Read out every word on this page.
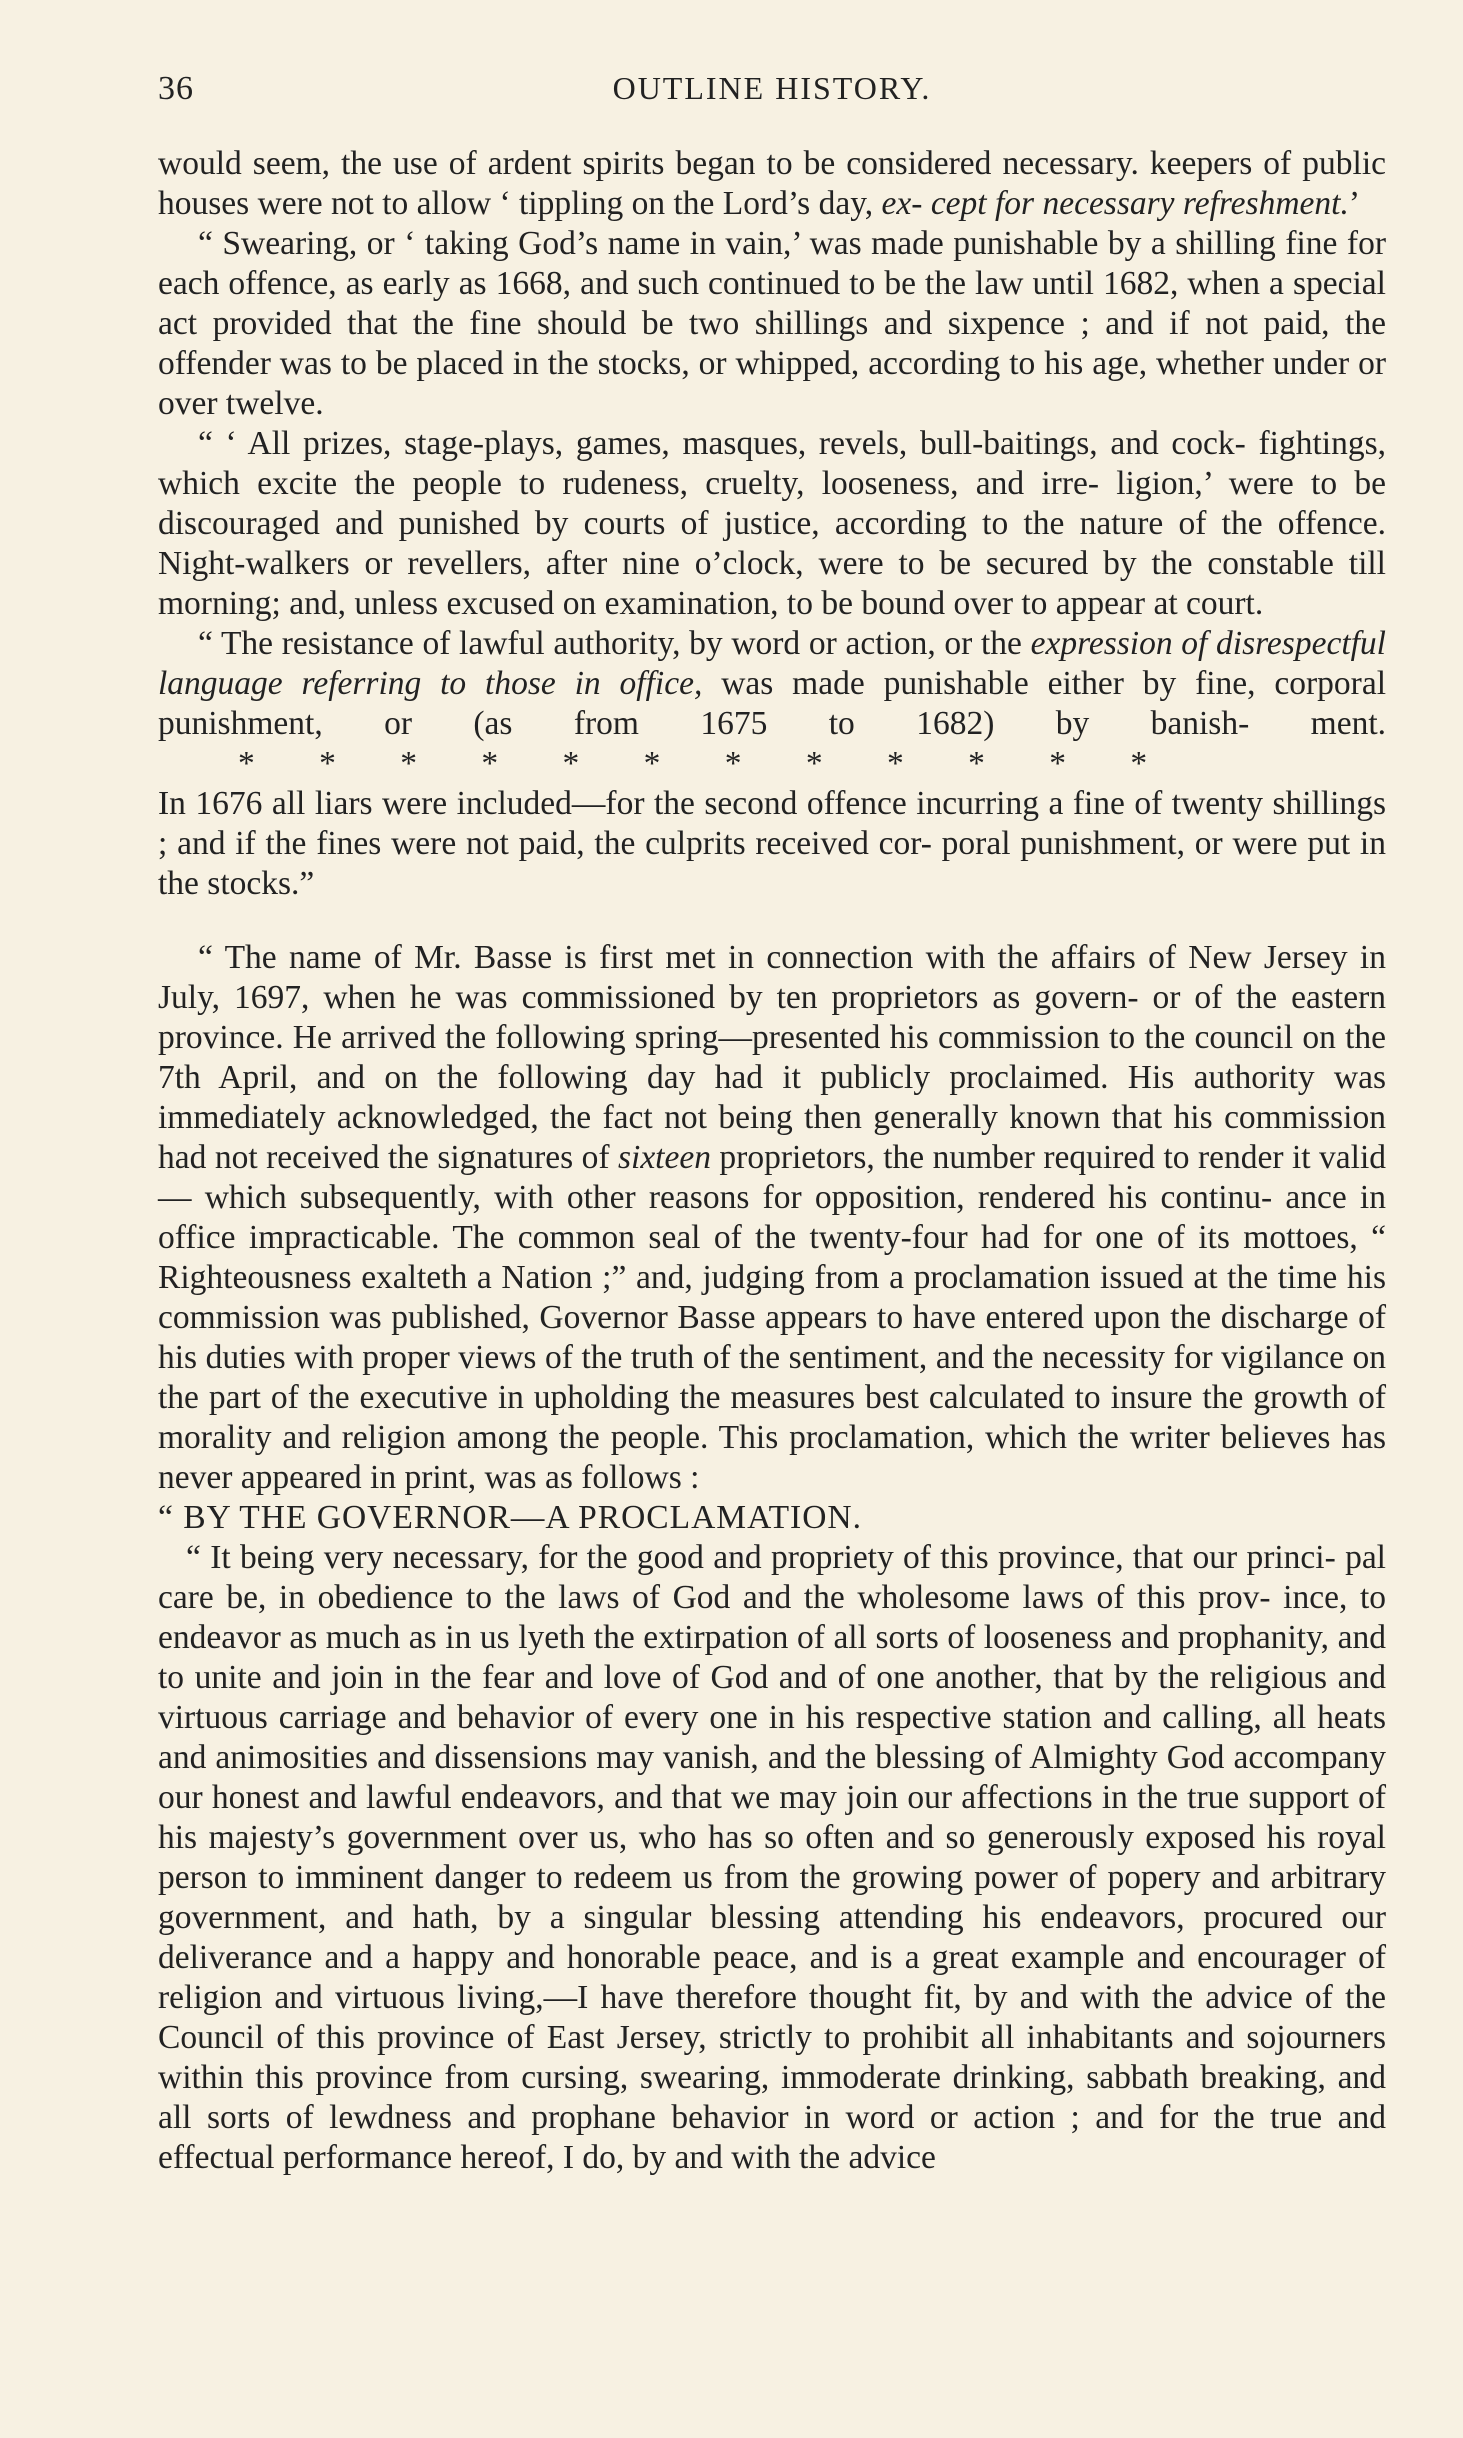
36	OUTLINE HISTORY.

would seem, the use of ardent spirits began to be considered necessary. keepers of public houses were not to allow ‘ tippling on the Lord’s day, ex- cept for necessary refreshment.’

“ Swearing, or ‘ taking God’s name in vain,’ was made punishable by a shilling fine for each offence, as early as 1668, and such continued to be the law until 1682, when a special act provided that the fine should be two shillings and sixpence ; and if not paid, the offender was to be placed in the stocks, or whipped, according to his age, whether under or over twelve.

“ ‘ All prizes, stage-plays, games, masques, revels, bull-baitings, and cock- fightings, which excite the people to rudeness, cruelty, looseness, and irre- ligion,’ were to be discouraged and punished by courts of justice, according to the nature of the offence. Night-walkers or revellers, after nine o’clock, were to be secured by the constable till morning; and, unless excused on examination, to be bound over to appear at court.

“ The resistance of lawful authority, by word or action, or the expression of disrespectful language referring to those in office, was made punishable either by fine, corporal punishment, or (as from 1675 to 1682) by banish- ment.* * * * * * * * * * * *

In 1676 all liars were included—for the second offence incurring a fine of twenty shillings ; and if the fines were not paid, the culprits received cor- poral punishment, or were put in the stocks.”

“ The name of Mr. Basse is first met in connection with the affairs of New Jersey in July, 1697, when he was commissioned by ten proprietors as govern- or of the eastern province. He arrived the following spring—presented his commission to the council on the 7th April, and on the following day had it publicly proclaimed. His authority was immediately acknowledged, the fact not being then generally known that his commission had not received the signatures of sixteen proprietors, the number required to render it valid— which subsequently, with other reasons for opposition, rendered his continu- ance in office impracticable. The common seal of the twenty-four had for one of its mottoes, “ Righteousness exalteth a Nation ;” and, judging from a proclamation issued at the time his commission was published, Governor Basse appears to have entered upon the discharge of his duties with proper views of the truth of the sentiment, and the necessity for vigilance on the part of the executive in upholding the measures best calculated to insure the growth of morality and religion among the people. This proclamation, which the writer believes has never appeared in print, was as follows :

“ BY THE GOVERNOR—A PROCLAMATION.

“ It being very necessary, for the good and propriety of this province, that our princi- pal care be, in obedience to the laws of God and the wholesome laws of this prov- ince, to endeavor as much as in us lyeth the extirpation of all sorts of looseness and prophanity, and to unite and join in the fear and love of God and of one another, that by the religious and virtuous carriage and behavior of every one in his respective station and calling, all heats and animosities and dissensions may vanish, and the blessing of Almighty God accompany our honest and lawful endeavors, and that we may join our affections in the true support of his majesty’s government over us, who has so often and so generously exposed his royal person to imminent danger to redeem us from the growing power of popery and arbitrary government, and hath, by a singular blessing attending his endeavors, procured our deliverance and a happy and honorable peace, and is a great example and encourager of religion and virtuous living,—I have therefore thought fit, by and with the advice of the Council of this province of East Jersey, strictly to prohibit all inhabitants and sojourners within this province from cursing, swearing, immoderate drinking, sabbath breaking, and all sorts of lewdness and prophane behavior in word or action ; and for the true and effectual performance hereof, I do, by and with the advice
